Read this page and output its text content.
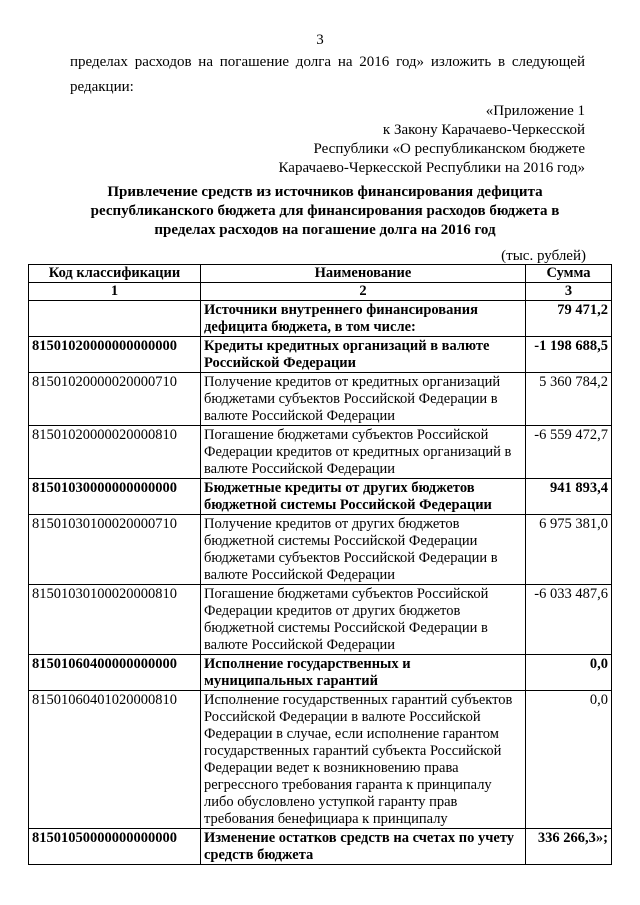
3
пределах расходов на погашение долга на 2016 год» изложить в следующей
редакции:
«Приложение 1
к Закону Карачаево-Черкесской
Республики «О республиканском бюджете
Карачаево-Черкесской Республики на 2016 год»
Привлечение средств из источников финансирования дефицита
республиканского бюджета для финансирования расходов бюджета в
пределах расходов на погашение долга на 2016 год
(тыс. рублей)
Код классификации	Наименование	Сумма
1	2	3
	Источники внутреннего финансирования дефицита бюджета, в том числе:	79 471,2
81501020000000000000	Кредиты кредитных организаций в валюте Российской Федерации	-1 198 688,5
81501020000020000710	Получение кредитов от кредитных организаций бюджетами субъектов Российской Федерации в валюте Российской Федерации	5 360 784,2
81501020000020000810	Погашение бюджетами субъектов Российской Федерации кредитов от кредитных организаций в валюте Российской Федерации	-6 559 472,7
81501030000000000000	Бюджетные кредиты от других бюджетов бюджетной системы Российской Федерации	941 893,4
81501030100020000710	Получение кредитов от других бюджетов бюджетной системы Российской Федерации бюджетами субъектов Российской Федерации в валюте Российской Федерации	6 975 381,0
81501030100020000810	Погашение бюджетами субъектов Российской Федерации кредитов от других бюджетов бюджетной системы Российской Федерации в валюте Российской Федерации	-6 033 487,6
81501060400000000000	Исполнение государственных и муниципальных гарантий	0,0
81501060401020000810	Исполнение государственных гарантий субъектов Российской Федерации в валюте Российской Федерации в случае, если исполнение гарантом государственных гарантий субъекта Российской Федерации ведет к возникновению права регрессного требования гаранта к принципалу либо обусловлено уступкой гаранту прав требования бенефициара к принципалу	0,0
81501050000000000000	Изменение остатков средств на счетах по учету средств бюджета	336 266,3»;
